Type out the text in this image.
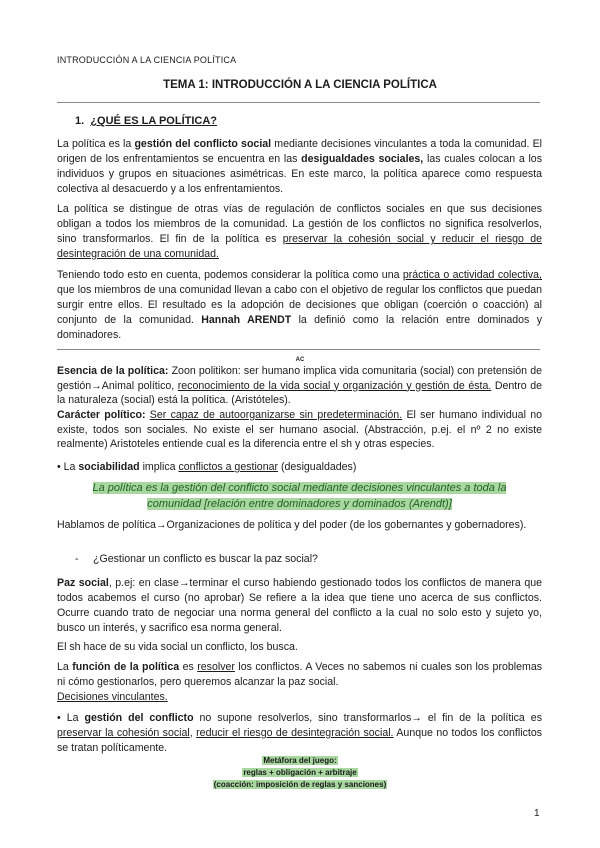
INTRODUCCIÓN A LA CIENCIA POLÍTICA
TEMA 1: INTRODUCCIÓN A LA CIENCIA POLÍTICA
1. ¿QUÉ ES LA POLÍTICA?
La política es la gestión del conflicto social mediante decisiones vinculantes a toda la comunidad. El origen de los enfrentamientos se encuentra en las desigualdades sociales, las cuales colocan a los individuos y grupos en situaciones asimétricas. En este marco, la política aparece como respuesta colectiva al desacuerdo y a los enfrentamientos.
La política se distingue de otras vías de regulación de conflictos sociales en que sus decisiones obligan a todos los miembros de la comunidad. La gestión de los conflictos no significa resolverlos, sino transformarlos. El fin de la política es preservar la cohesión social y reducir el riesgo de desintegración de una comunidad.
Teniendo todo esto en cuenta, podemos considerar la política como una práctica o actividad colectiva, que los miembros de una comunidad llevan a cabo con el objetivo de regular los conflictos que puedan surgir entre ellos. El resultado es la adopción de decisiones que obligan (coerción o coacción) al conjunto de la comunidad. Hannah ARENDT la definió como la relación entre dominados y dominadores.
AC
Esencia de la política: Zoon politikon: ser humano implica vida comunitaria (social) con pretensión de gestión→Animal político, reconocimiento de la vida social y organización y gestión de ésta. Dentro de la naturaleza (social) está la política. (Aristóteles).
Carácter político: Ser capaz de autoorganizarse sin predeterminación. El ser humano individual no existe, todos son sociales. No existe el ser humano asocial. (Abstracción, p.ej. el nº 2 no existe realmente) Aristoteles entiende cual es la diferencia entre el sh y otras especies.
• La sociabilidad implica conflictos a gestionar (desigualdades)
La política es la gestión del conflicto social mediante decisiones vinculantes a toda la
comunidad [relación entre dominadores y dominados (Arendt)]
Hablamos de política→Organizaciones de política y del poder (de los gobernantes y gobernadores).
- ¿Gestionar un conflicto es buscar la paz social?
Paz social, p.ej: en clase→terminar el curso habiendo gestionado todos los conflictos de manera que todos acabemos el curso (no aprobar) Se refiere a la idea que tiene uno acerca de sus conflictos. Ocurre cuando trato de negociar una norma general del conflicto a la cual no solo esto y sujeto yo, busco un interés, y sacrifico esa norma general.
El sh hace de su vida social un conflicto, los busca.
La función de la política es resolver los conflictos. A Veces no sabemos ni cuales son los problemas ni cómo gestionarlos, pero queremos alcanzar la paz social.
Decisiones vinculantes.
• La gestión del conflicto no supone resolverlos, sino transformarlos→ el fin de la política es preservar la cohesión social, reducir el riesgo de desintegración social. Aunque no todos los conflictos se tratan políticamente.
Metáfora del juego:
reglas + obligación + arbitraje
(coacción: imposición de reglas y sanciones)
1
